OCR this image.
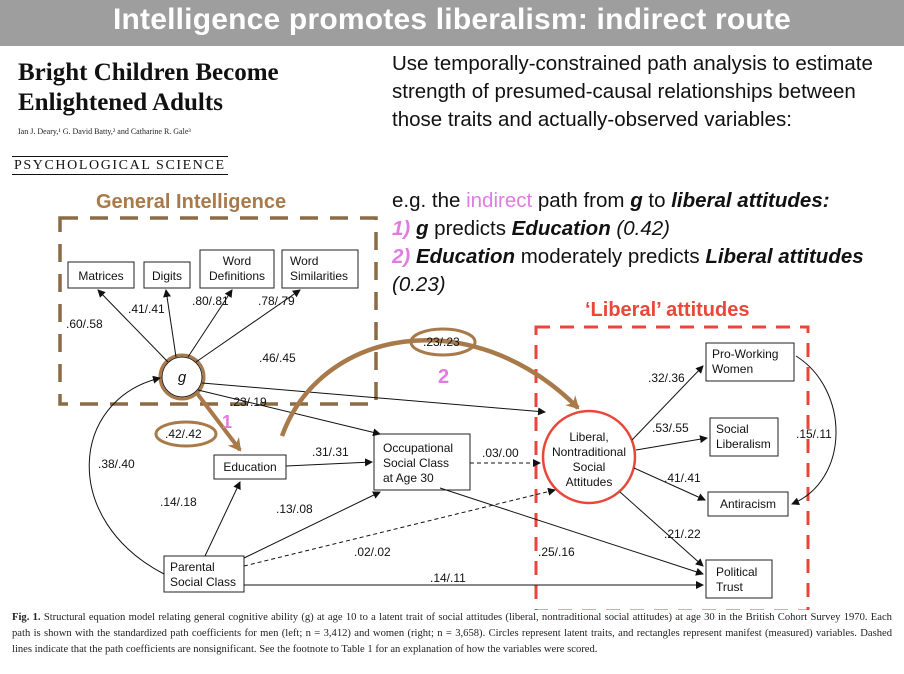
Intelligence promotes liberalism: indirect route
Bright Children Become
Enlightened Adults
Ian J. Deary,¹ G. David Batty,² and Catharine R. Gale³
PSYCHOLOGICAL SCIENCE
Use temporally-constrained path analysis to estimate strength of presumed-causal relationships between those traits and actually-observed variables:
e.g. the indirect path from g to liberal attitudes:
1) g predicts Education (0.42)
2) Education moderately predicts Liberal attitudes (0.23)
General Intelligence
‘Liberal’ attitudes
Matrices Digits
Word
Definitions
Word
Similarities
g
Education
Occupational
Social Class
at Age 30
Parental
Social Class
Liberal,
Nontraditional
Social
Attitudes
Pro-Working
Women
Social
Liberalism
Antiracism
Political
Trust
.60/.58
.41/.41
.80/.81 .78/.79
.46/.45
.23/.19
.42/.42
1
.38/.40
.31/.31	.03/.00
.23/.23
2
.14/.18	.13/.08
.02/.02
.14/.11
.25/.16
.32/.36
.53/.55
.41/.41
.21/.22
.15/.11
Fig. 1. Structural equation model relating general cognitive ability (g) at age 10 to a latent trait of social attitudes (liberal, nontraditional social attitudes) at age 30 in the British Cohort Survey 1970. Each path is shown with the standardized path coefficients for men (left; n = 3,412) and women (right; n = 3,658). Circles represent latent traits, and rectangles represent manifest (measured) variables. Dashed lines indicate that the path coefficients are nonsignificant. See the footnote to Table 1 for an explanation of how the variables were scored.
